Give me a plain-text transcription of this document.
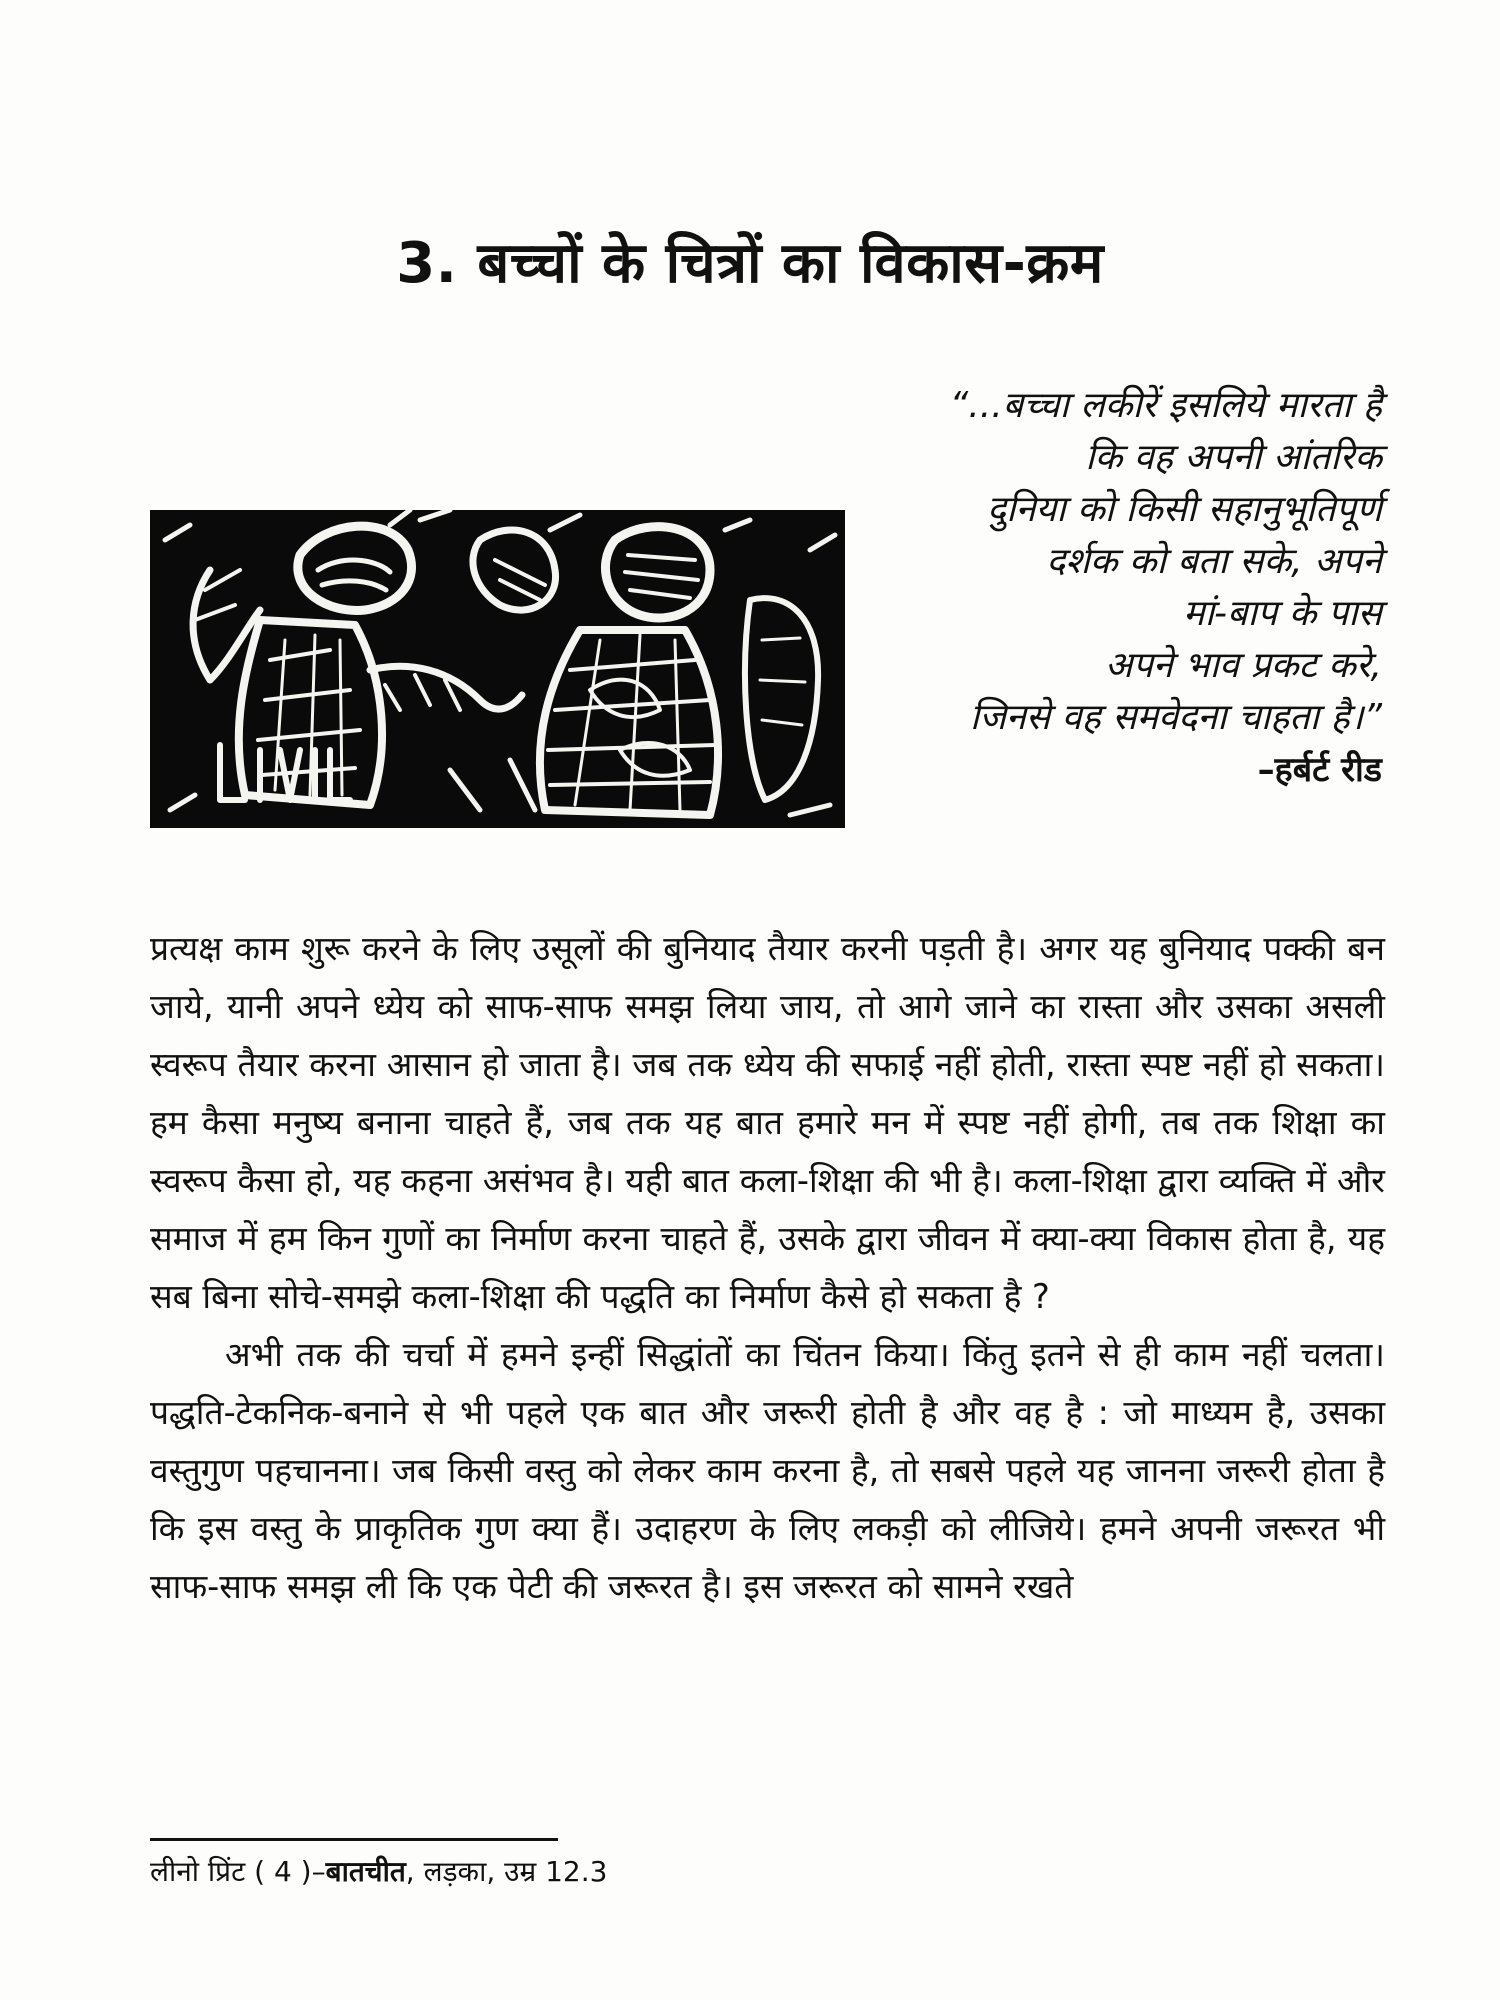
3. बच्चों के चित्रों का विकास-क्रम
“...बच्चा लकीरें इसलिये मारता है
कि वह अपनी आंतरिक
दुनिया को किसी सहानुभूतिपूर्ण
दर्शक को बता सके, अपने
मां-बाप के पास
अपने भाव प्रकट करे,
जिनसे वह समवेदना चाहता है।”
–हर्बर्ट रीड

प्रत्यक्ष काम शुरू करने के लिए उसूलों की बुनियाद तैयार करनी पड़ती है। अगर यह बुनियाद पक्की बन जाये, यानी अपने ध्येय को साफ-साफ समझ लिया जाय, तो आगे जाने का रास्ता और उसका असली स्वरूप तैयार करना आसान हो जाता है। जब तक ध्येय की सफाई नहीं होती, रास्ता स्पष्ट नहीं हो सकता। हम कैसा मनुष्य बनाना चाहते हैं, जब तक यह बात हमारे मन में स्पष्ट नहीं होगी, तब तक शिक्षा का स्वरूप कैसा हो, यह कहना असंभव है। यही बात कला-शिक्षा की भी है। कला-शिक्षा द्वारा व्यक्ति में और समाज में हम किन गुणों का निर्माण करना चाहते हैं, उसके द्वारा जीवन में क्या-क्या विकास होता है, यह सब बिना सोचे-समझे कला-शिक्षा की पद्धति का निर्माण कैसे हो सकता है ?

अभी तक की चर्चा में हमने इन्हीं सिद्धांतों का चिंतन किया। किंतु इतने से ही काम नहीं चलता। पद्धति-टेकनिक-बनाने से भी पहले एक बात और जरूरी होती है और वह है : जो माध्यम है, उसका वस्तुगुण पहचानना। जब किसी वस्तु को लेकर काम करना है, तो सबसे पहले यह जानना जरूरी होता है कि इस वस्तु के प्राकृतिक गुण क्या हैं। उदाहरण के लिए लकड़ी को लीजिये। हमने अपनी जरूरत भी साफ-साफ समझ ली कि एक पेटी की जरूरत है। इस जरूरत को सामने रखते

लीनो प्रिंट ( 4 )–बातचीत, लड़का, उम्र 12.3
